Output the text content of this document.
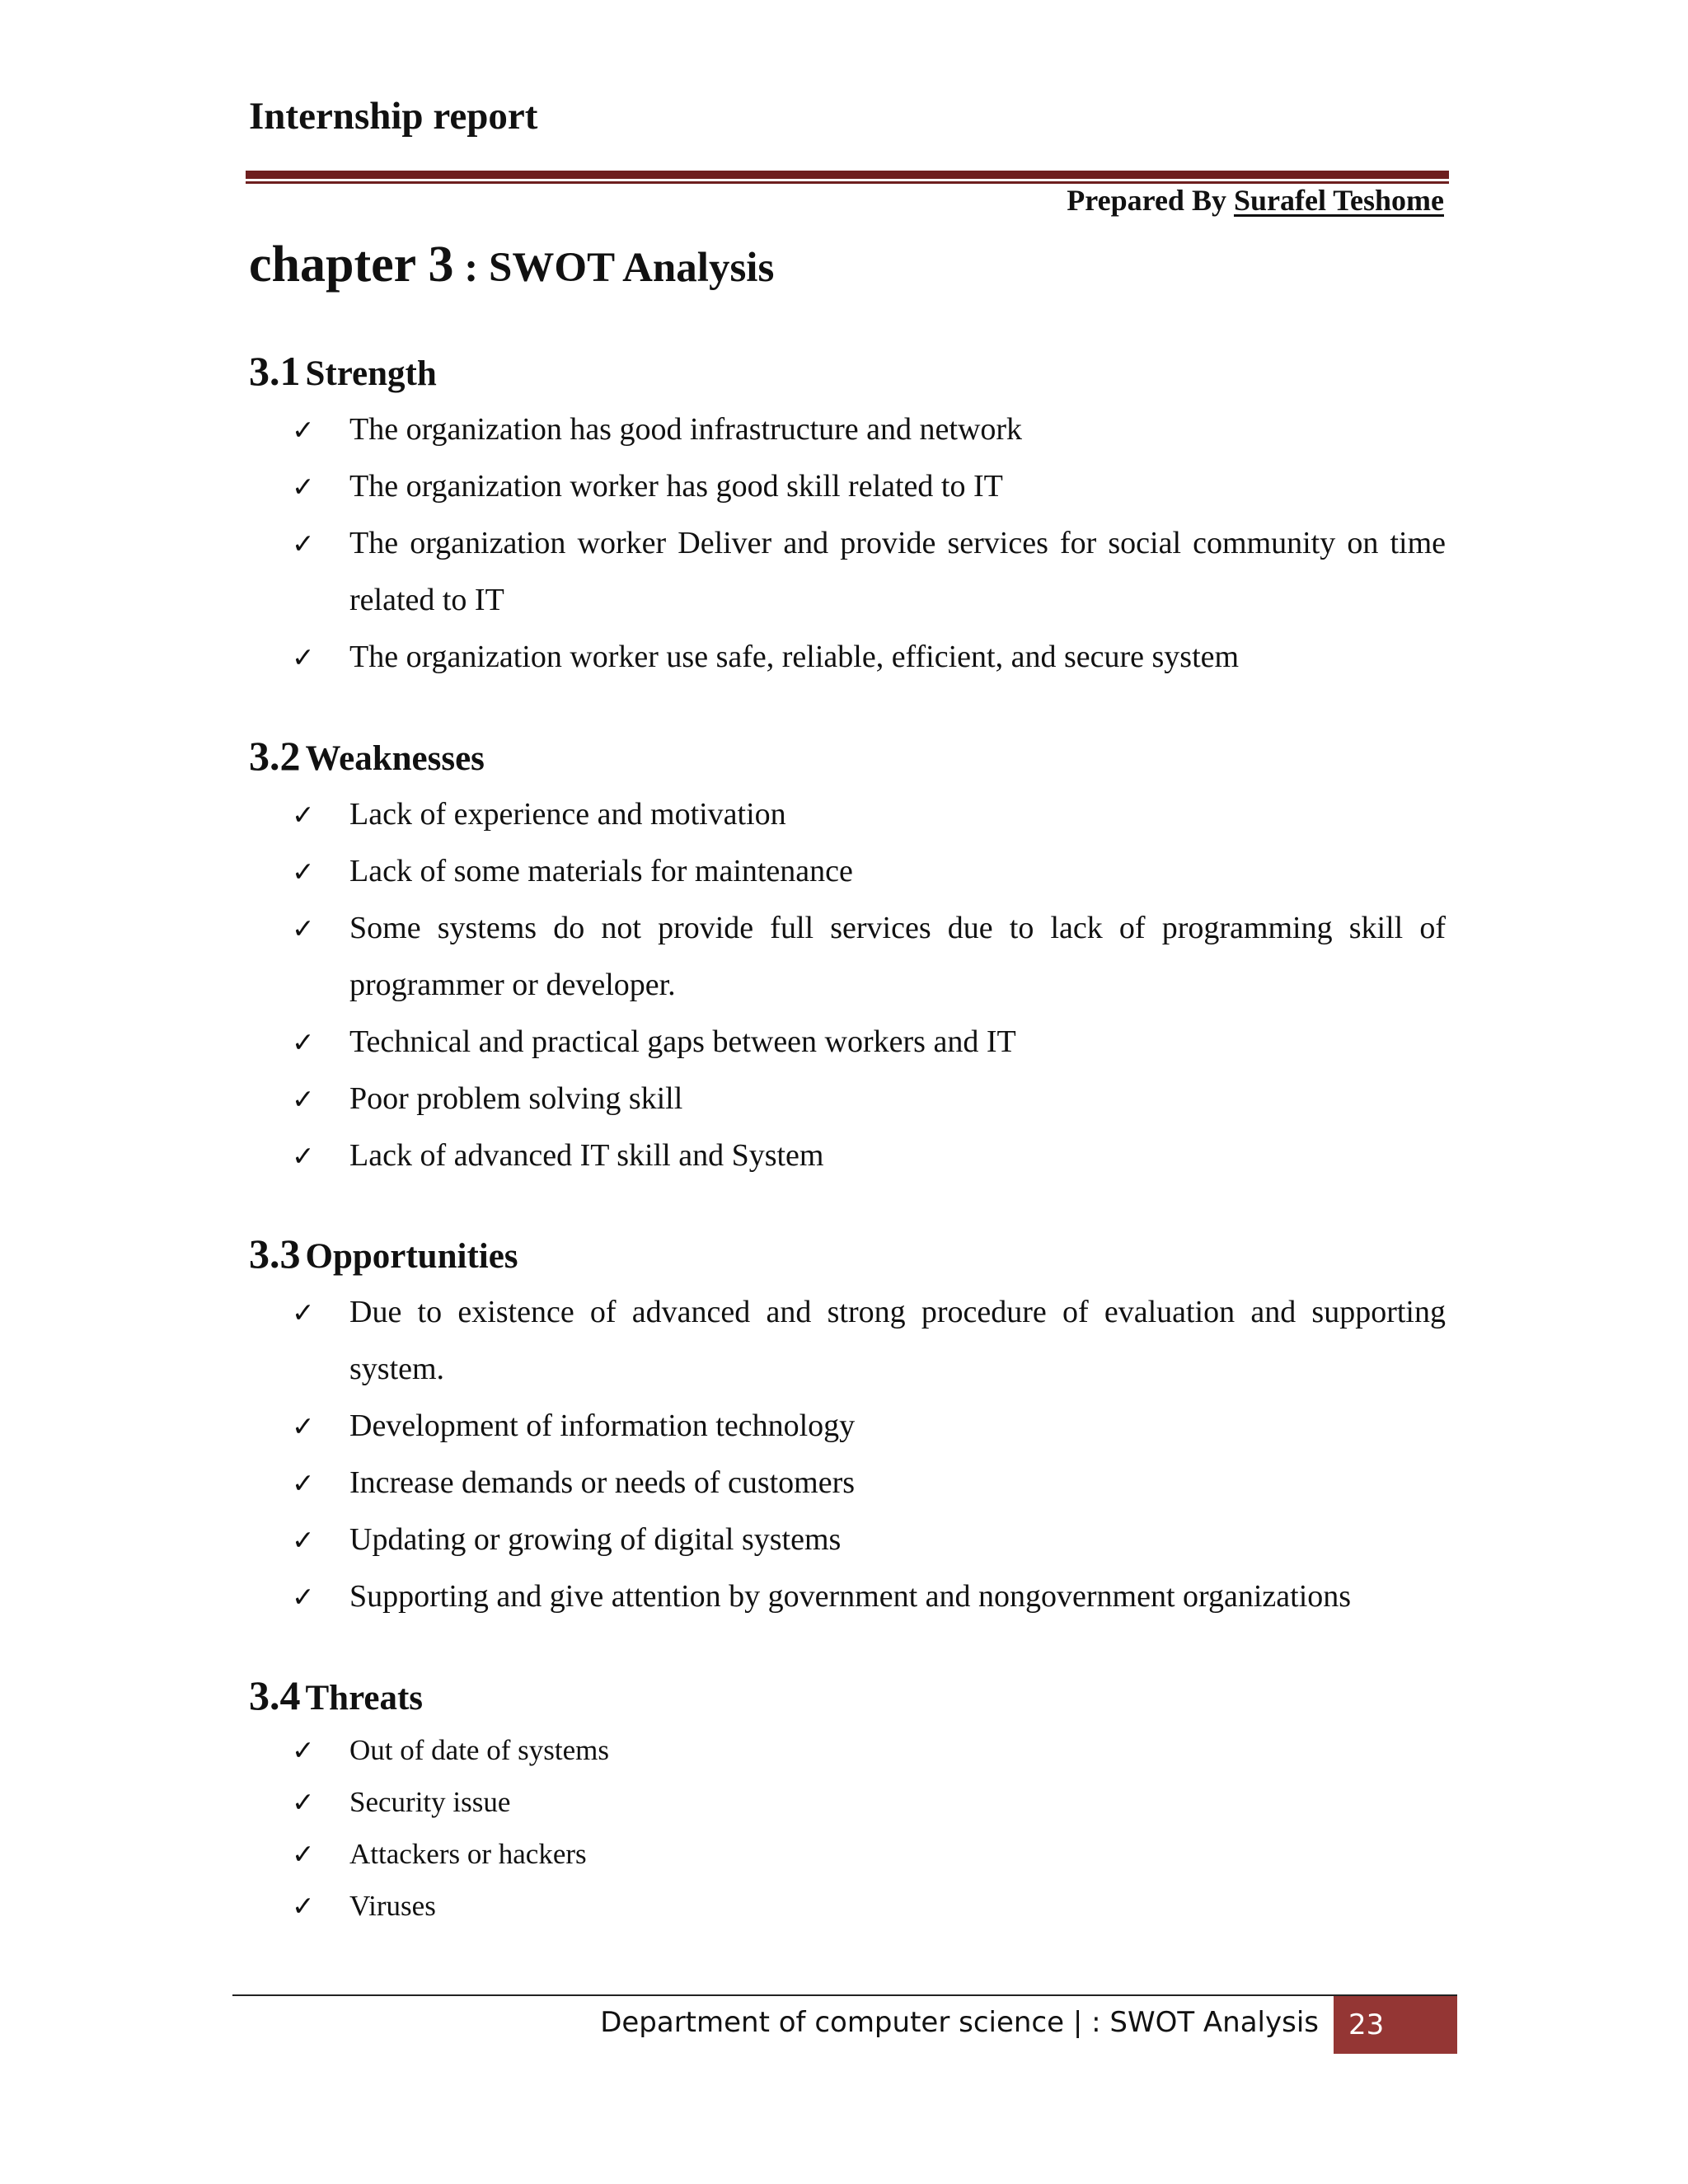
Internship report
Prepared By Surafel Teshome
chapter 3 : SWOT Analysis
3.1 Strength
✓ The organization has good infrastructure and network
✓ The organization worker has good skill related to IT
✓ The organization worker Deliver and provide services for social community on time related to IT
✓ The organization worker use safe, reliable, efficient, and secure system
3.2 Weaknesses
✓ Lack of experience and motivation
✓ Lack of some materials for maintenance
✓ Some systems do not provide full services due to lack of programming skill of programmer or developer.
✓ Technical and practical gaps between workers and IT
✓ Poor problem solving skill
✓ Lack of advanced IT skill and System
3.3 Opportunities
✓ Due to existence of advanced and strong procedure of evaluation and supporting system.
✓ Development of information technology
✓ Increase demands or needs of customers
✓ Updating or growing of digital systems
✓ Supporting and give attention by government and nongovernment organizations
3.4 Threats
✓ Out of date of systems
✓ Security issue
✓ Attackers or hackers
✓ Viruses
Department of computer science | : SWOT Analysis	23
